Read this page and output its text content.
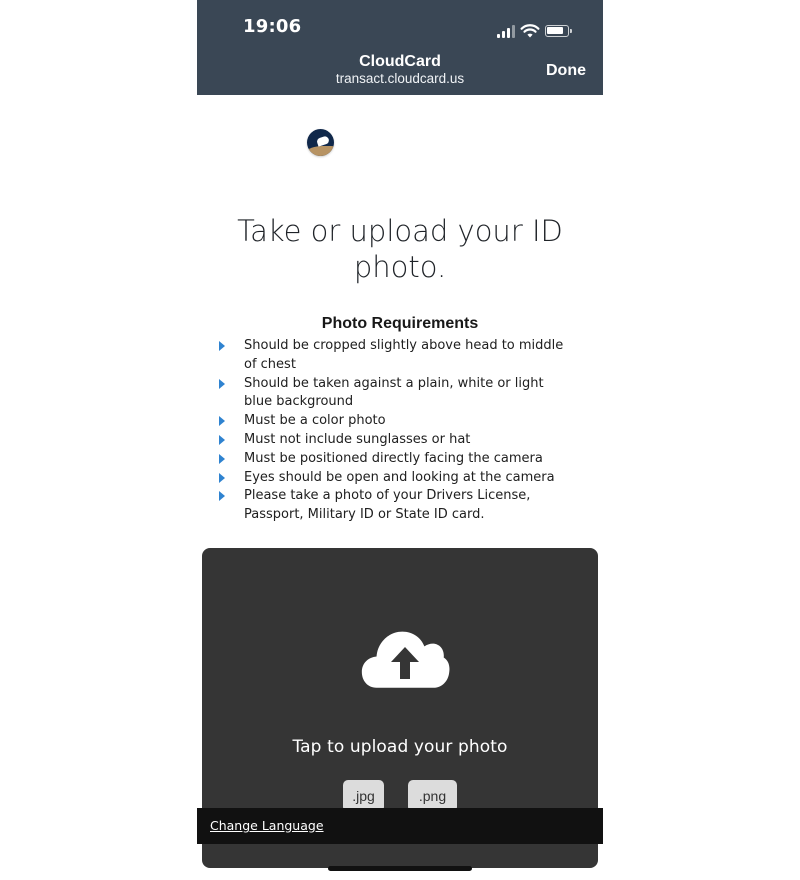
19:06
CloudCard
transact.cloudcard.us	Done
Take or upload your ID photo.
Photo Requirements
Should be cropped slightly above head to middle of chest
Should be taken against a plain, white or light blue background
Must be a color photo
Must not include sunglasses or hat
Must be positioned directly facing the camera
Eyes should be open and looking at the camera
Please take a photo of your Drivers License, Passport, Military ID or State ID card.
Tap to upload your photo
.jpg	.png
Change Language
